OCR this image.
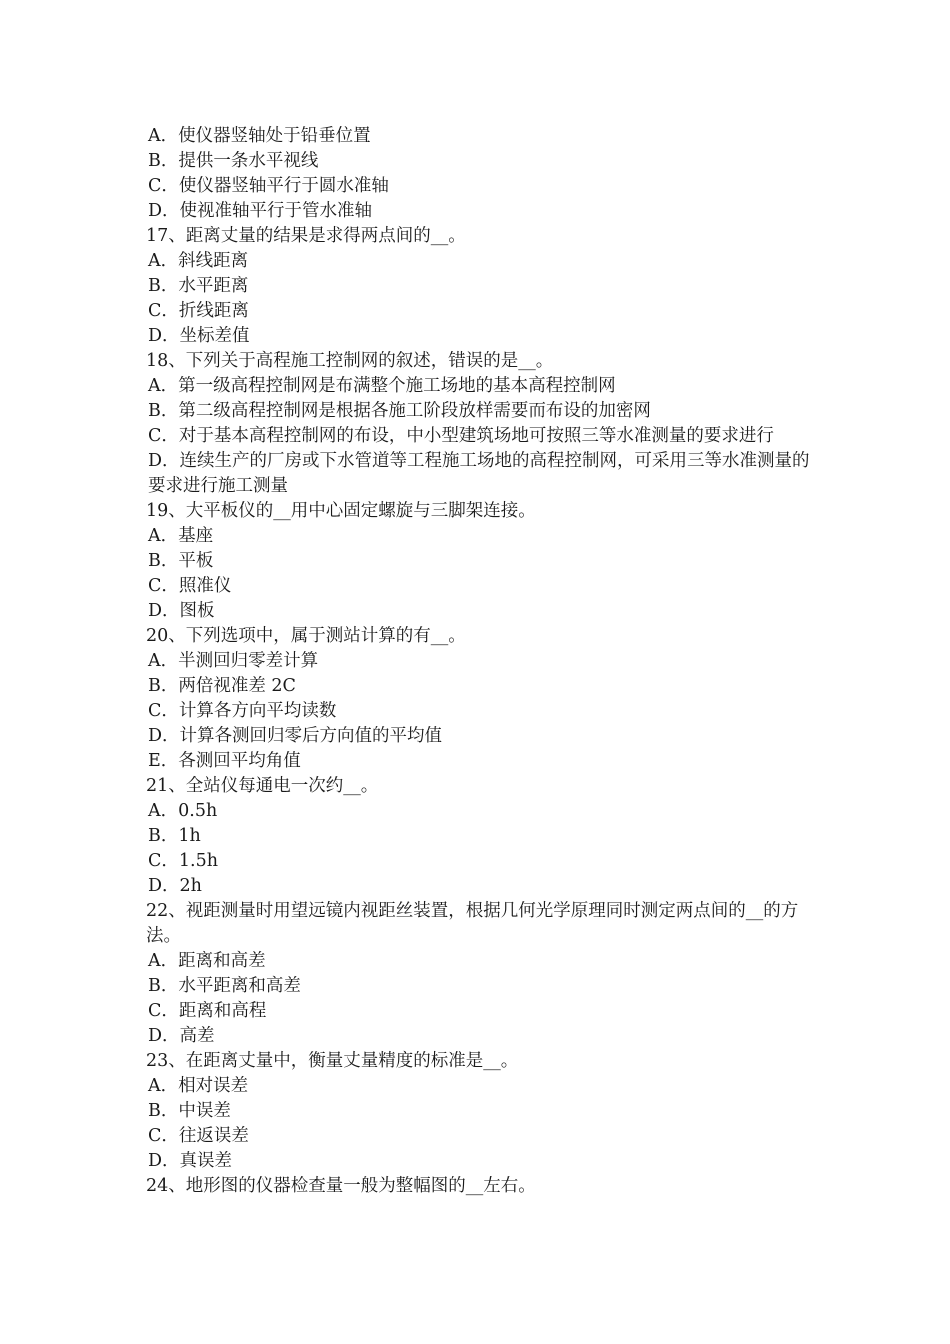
A．使仪器竖轴处于铅垂位置

B．提供一条水平视线

C．使仪器竖轴平行于圆水准轴

D．使视准轴平行于管水准轴

17、距离丈量的结果是求得两点间的__。

A．斜线距离

B．水平距离

C．折线距离

D．坐标差值

18、下列关于高程施工控制网的叙述，错误的是__。

A．第一级高程控制网是布满整个施工场地的基本高程控制网

B．第二级高程控制网是根据各施工阶段放样需要而布设的加密网

C．对于基本高程控制网的布设，中小型建筑场地可按照三等水准测量的要求进行

D．连续生产的厂房或下水管道等工程施工场地的高程控制网，可采用三等水准测量的要求进行施工测量

19、大平板仪的__用中心固定螺旋与三脚架连接。

A．基座

B．平板

C．照准仪

D．图板

20、下列选项中，属于测站计算的有__。

A．半测回归零差计算

B．两倍视准差 2C

C．计算各方向平均读数

D．计算各测回归零后方向值的平均值

E．各测回平均角值

21、全站仪每通电一次约__。

A．0.5h

B．1h

C．1.5h

D．2h

22、视距测量时用望远镜内视距丝装置，根据几何光学原理同时测定两点间的__的方法。

A．距离和高差

B．水平距离和高差

C．距离和高程

D．高差

23、在距离丈量中，衡量丈量精度的标准是__。

A．相对误差

B．中误差

C．往返误差

D．真误差

24、地形图的仪器检查量一般为整幅图的__左右。
